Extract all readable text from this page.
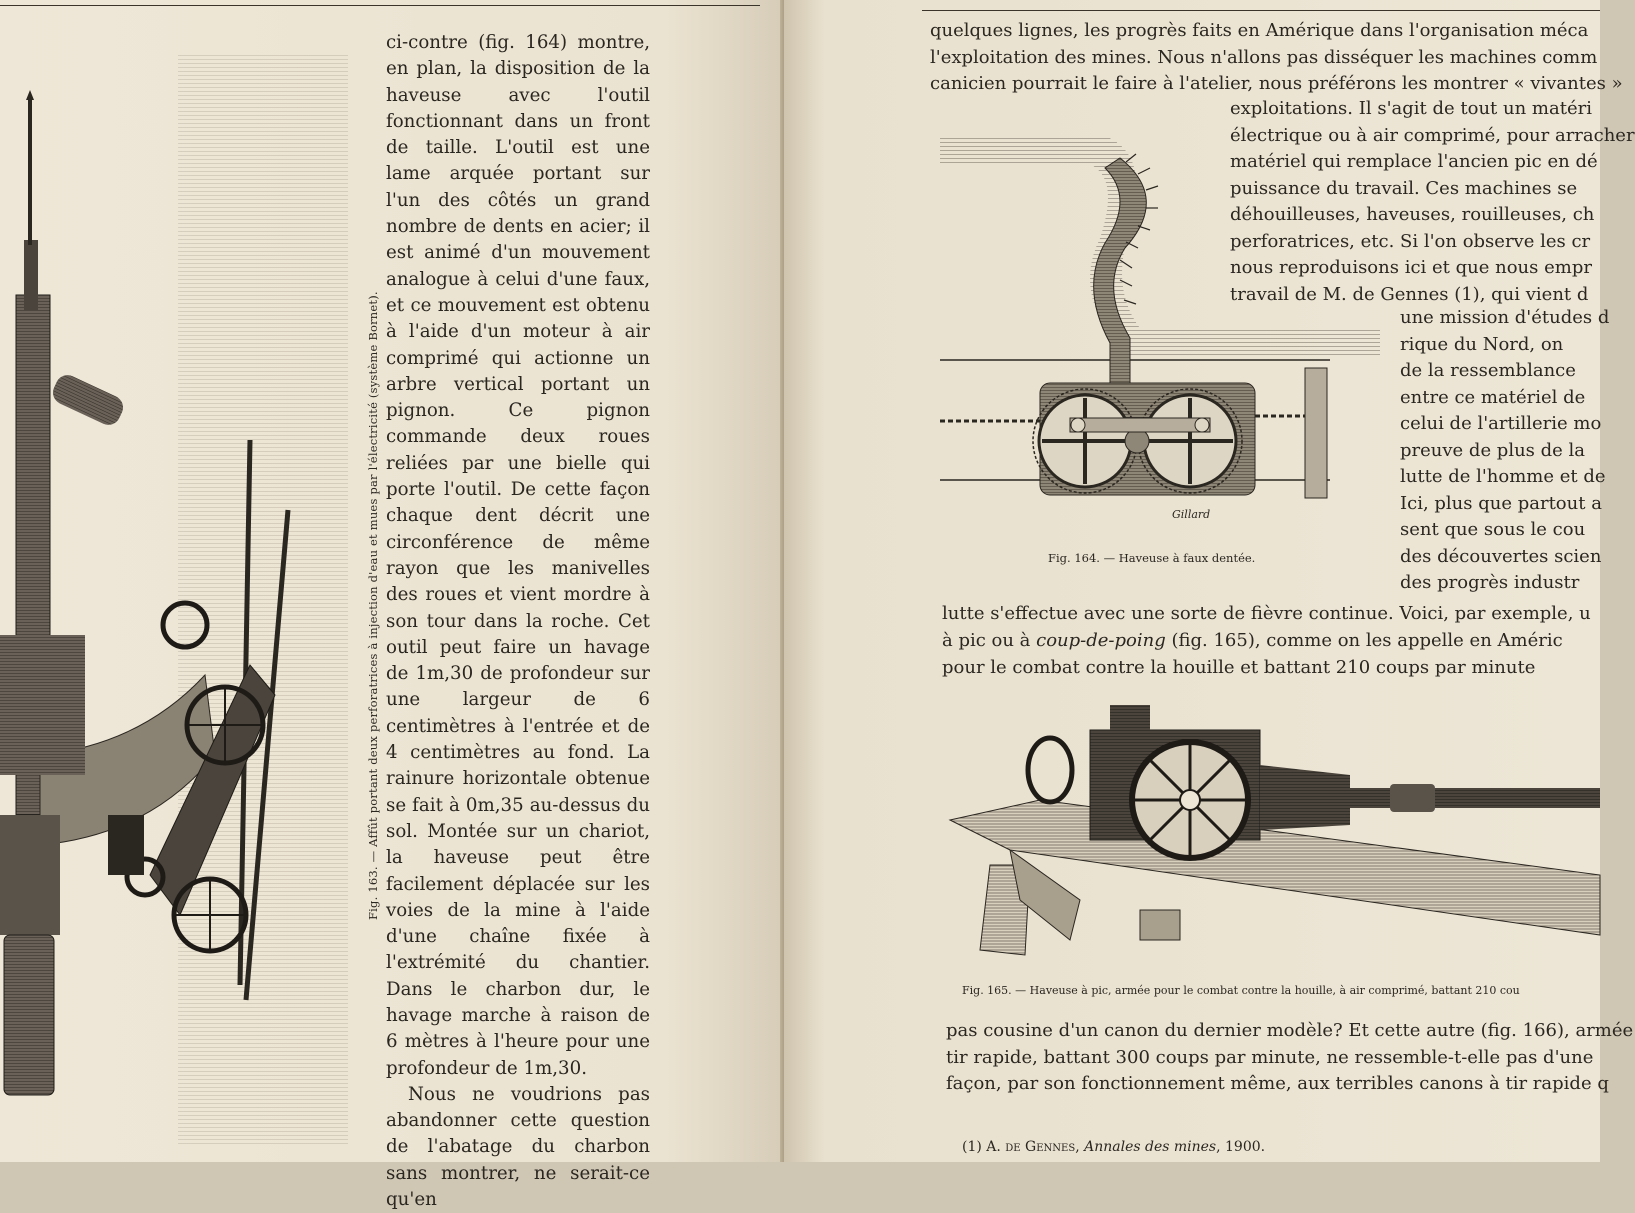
Fig. 163. — Affût portant deux perforatrices à injection d'eau et mues par l'électricité (système Bornet).

ci-contre (fig. 164) montre, en plan, la disposition de la haveuse avec l'outil fonctionnant dans un front de taille. L'outil est une lame arquée portant sur l'un des côtés un grand nombre de dents en acier; il est animé d'un mouvement analogue à celui d'une faux, et ce mouvement est obtenu à l'aide d'un moteur à air comprimé qui actionne un arbre vertical portant un pignon. Ce pignon commande deux roues reliées par une bielle qui porte l'outil. De cette façon chaque dent décrit une circonférence de même rayon que les manivelles des roues et vient mordre à son tour dans la roche. Cet outil peut faire un havage de 1m,30 de profondeur sur une largeur de 6 centimètres à l'entrée et de 4 centimètres au fond. La rainure horizontale obtenue se fait à 0m,35 au-dessus du sol. Montée sur un chariot, la haveuse peut être facilement déplacée sur les voies de la mine à l'aide d'une chaîne fixée à l'extrémité du chantier. Dans le charbon dur, le havage marche à raison de 6 mètres à l'heure pour une profondeur de 1m,30.

Nous ne voudrions pas abandonner cette question de l'abatage du charbon sans montrer, ne serait-ce qu'en

quelques lignes, les progrès faits en Amérique dans l'organisation méca

l'exploitation des mines. Nous n'allons pas disséquer les machines comm

canicien pourrait le faire à l'atelier, nous préférons les montrer « vivantes »

exploitations. Il s'agit de tout un matéri

électrique ou à air comprimé, pour arracher

matériel qui remplace l'ancien pic en dé

puissance du travail. Ces machines se

déhouilleuses, haveuses, rouilleuses, ch

perforatrices, etc. Si l'on observe les cr

nous reproduisons ici et que nous empr

travail de M. de Gennes (1), qui vient d

une mission d'études d

rique du Nord, on

de la ressemblance

entre ce matériel de

celui de l'artillerie mo

preuve de plus de la

lutte de l'homme et de

Ici, plus que partout a

sent que sous le cou

des découvertes scien

des progrès industr

Gillard
Fig. 164. — Haveuse à faux dentée.

lutte s'effectue avec une sorte de fièvre continue. Voici, par exemple, u

à pic ou à coup-de-poing (fig. 165), comme on les appelle en Améric

pour le combat contre la houille et battant 210 coups par minute

Fig. 165. — Haveuse à pic, armée pour le combat contre la houille, à air comprimé, battant 210 cou

pas cousine d'un canon du dernier modèle? Et cette autre (fig. 166), armée

tir rapide, battant 300 coups par minute, ne ressemble-t-elle pas d'une

façon, par son fonctionnement même, aux terribles canons à tir rapide q

(1) A. de Gennes, Annales des mines, 1900.
